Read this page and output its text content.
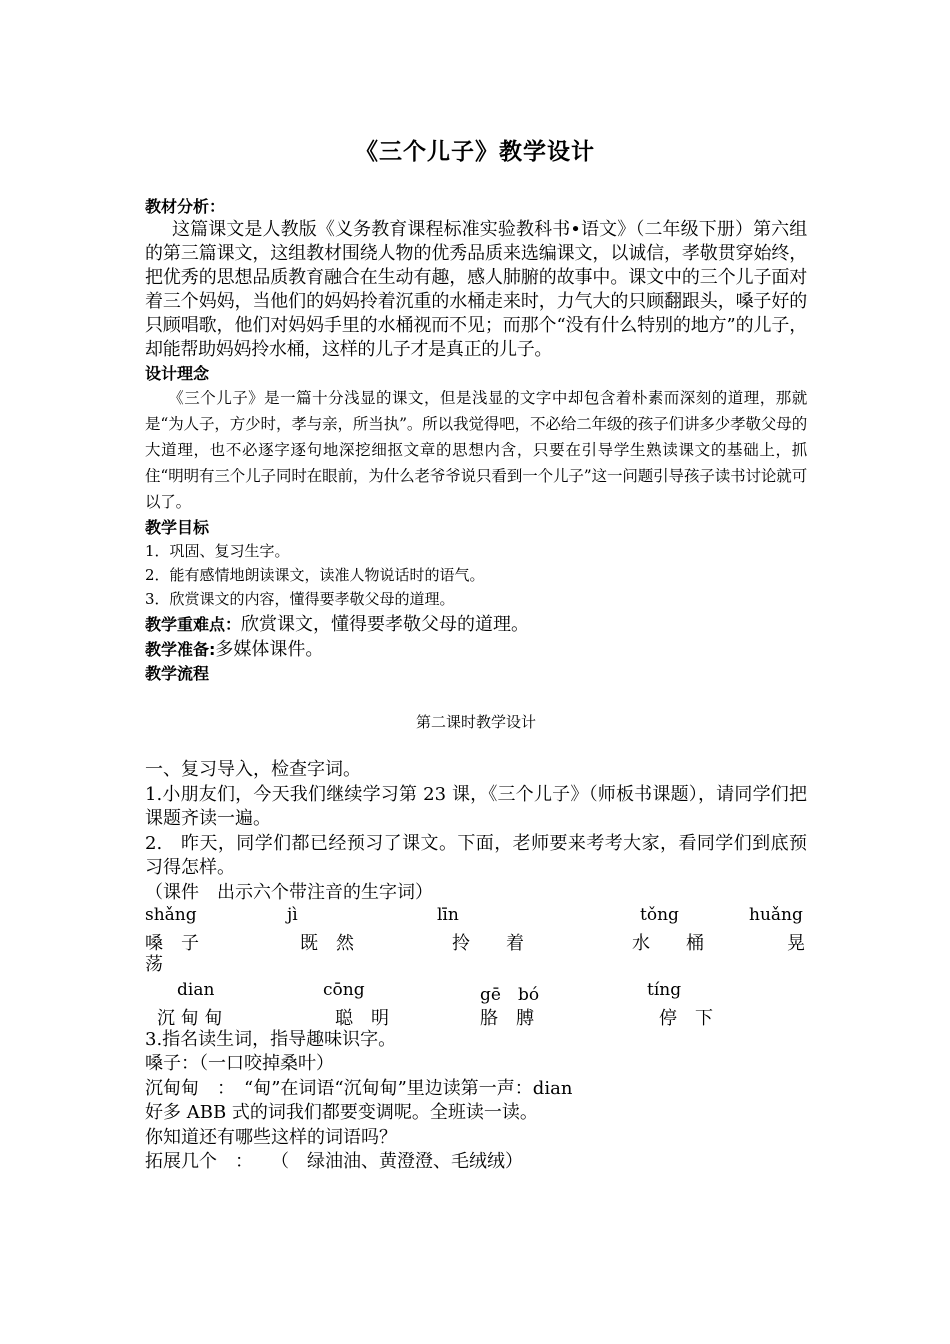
《三个儿子》教学设计
教材分析：
这篇课文是人教版《义务教育课程标准实验教科书•语文》（二年级下册）第六组的第三篇课文，这组教材围绕人物的优秀品质来选编课文，以诚信，孝敬贯穿始终，把优秀的思想品质教育融合在生动有趣，感人肺腑的故事中。课文中的三个儿子面对着三个妈妈，当他们的妈妈拎着沉重的水桶走来时，力气大的只顾翻跟头，嗓子好的只顾唱歌，他们对妈妈手里的水桶视而不见；而那个“没有什么特别的地方”的儿子，却能帮助妈妈拎水桶，这样的儿子才是真正的儿子。
设计理念
《三个儿子》是一篇十分浅显的课文，但是浅显的文字中却包含着朴素而深刻的道理，那就是“为人子，方少时，孝与亲，所当执”。所以我觉得吧，不必给二年级的孩子们讲多少孝敬父母的大道理，也不必逐字逐句地深挖细抠文章的思想内含，只要在引导学生熟读课文的基础上，抓住“明明有三个儿子同时在眼前，为什么老爷爷说只看到一个儿子”这一问题引导孩子读书讨论就可以了。
教学目标
1．巩固、复习生字。
2．能有感情地朗读课文，读准人物说话时的语气。
3．欣赏课文的内容，懂得要孝敬父母的道理。
教学重难点：欣赏课文，懂得要孝敬父母的道理。
教学准备:多媒体课件。
教学流程
第二课时教学设计
一、复习导入，检查字词。
1.小朋友们，今天我们继续学习第 23 课，《三个儿子》（师板书课题），请同学们把课题齐读一遍。
2.　昨天，同学们都已经预习了课文。下面，老师要来考考大家，看同学们到底预习得怎样。
（课件　出示六个带注音的生字词）
shǎng	jì	līn	tǒng	huǎng
嗓　子	既　然	拎　　着	水　　桶	晃
荡
dian	cōng	gē　bó	tíng
沉 甸 甸	聪　明	胳　膊	停　下
3.指名读生词，指导趣味识字。
嗓子：（一口咬掉桑叶）
沉甸甸　：　“甸”在词语“沉甸甸”里边读第一声：dian
好多 ABB 式的词我们都要变调呢。全班读一读。
你知道还有哪些这样的词语吗？
拓展几个　：　　（　绿油油、黄澄澄、毛绒绒）
